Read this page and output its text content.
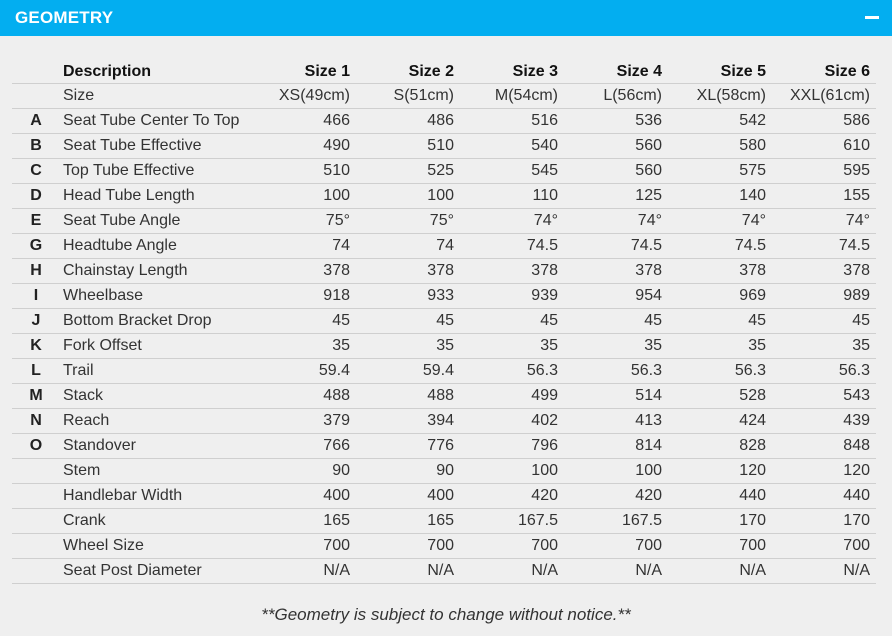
GEOMETRY
	Description	Size 1	Size 2	Size 3	Size 4	Size 5	Size 6
	Size	XS(49cm)	S(51cm)	M(54cm)	L(56cm)	XL(58cm)	XXL(61cm)
A	Seat Tube Center To Top	466	486	516	536	542	586
B	Seat Tube Effective	490	510	540	560	580	610
C	Top Tube Effective	510	525	545	560	575	595
D	Head Tube Length	100	100	110	125	140	155
E	Seat Tube Angle	75°	75°	74°	74°	74°	74°
G	Headtube Angle	74	74	74.5	74.5	74.5	74.5
H	Chainstay Length	378	378	378	378	378	378
I	Wheelbase	918	933	939	954	969	989
J	Bottom Bracket Drop	45	45	45	45	45	45
K	Fork Offset	35	35	35	35	35	35
L	Trail	59.4	59.4	56.3	56.3	56.3	56.3
M	Stack	488	488	499	514	528	543
N	Reach	379	394	402	413	424	439
O	Standover	766	776	796	814	828	848
	Stem	90	90	100	100	120	120
	Handlebar Width	400	400	420	420	440	440
	Crank	165	165	167.5	167.5	170	170
	Wheel Size	700	700	700	700	700	700
	Seat Post Diameter	N/A	N/A	N/A	N/A	N/A	N/A
**Geometry is subject to change without notice.**
